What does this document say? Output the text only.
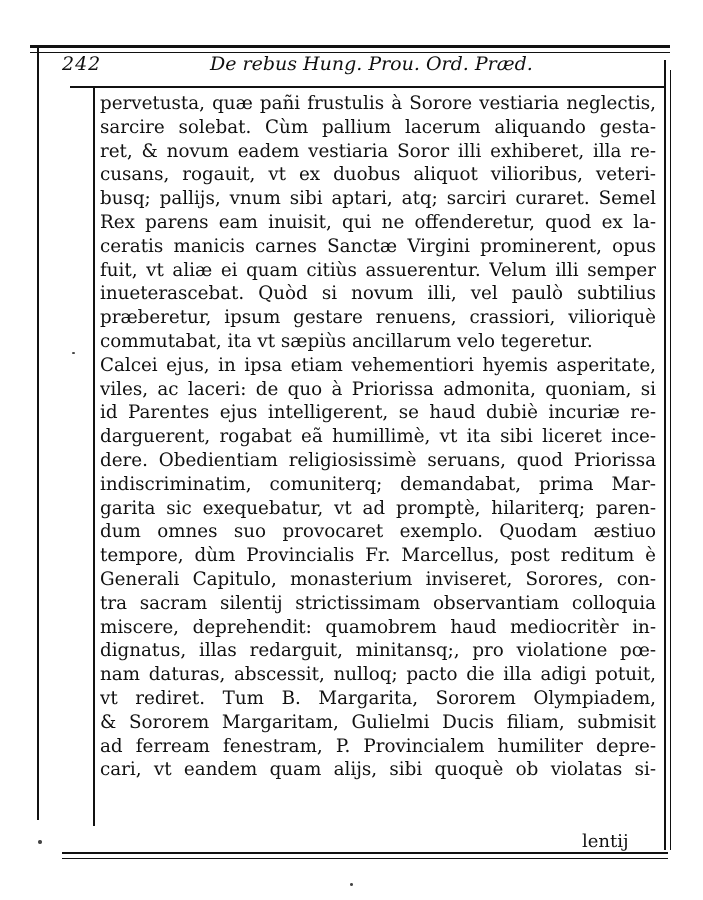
242	De rebus Hung. Prou. Ord. Præd.
pervetusta, quæ pañi frustulis à Sorore vestiaria neglectis,
sarcire solebat. Cùm pallium lacerum aliquando gesta-
ret, & novum eadem vestiaria Soror illi exhiberet, illa re-
cusans, rogauit, vt ex duobus aliquot vilioribus, veteri-
busq; pallijs, vnum sibi aptari, atq; sarciri curaret. Semel
Rex parens eam inuisit, qui ne offenderetur, quod ex la-
ceratis manicis carnes Sanctæ Virgini prominerent, opus
fuit, vt aliæ ei quam citiùs assuerentur. Velum illi semper
inueterascebat. Quòd si novum illi, vel paulò subtilius
præberetur, ipsum gestare renuens, crassiori, vilioriquè
commutabat, ita vt sæpiùs ancillarum velo tegeretur.
Calcei ejus, in ipsa etiam vehementiori hyemis asperitate,
viles, ac laceri: de quo à Priorissa admonita, quoniam, si
id Parentes ejus intelligerent, se haud dubiè incuriæ re-
darguerent, rogabat eã humillimè, vt ita sibi liceret ince-
dere. Obedientiam religiosissimè seruans, quod Priorissa
indiscriminatim, comuniterq; demandabat, prima Mar-
garita sic exequebatur, vt ad promptè, hilariterq; paren-
dum omnes suo provocaret exemplo. Quodam æstiuo
tempore, dùm Provincialis Fr. Marcellus, post reditum è
Generali Capitulo, monasterium inviseret, Sorores, con-
tra sacram silentij strictissimam observantiam colloquia
miscere, deprehendit: quamobrem haud mediocritèr in-
dignatus, illas redarguit, minitansq;, pro violatione pœ-
nam daturas, abscessit, nulloq; pacto die illa adigi potuit,
vt rediret. Tum B. Margarita, Sororem Olympiadem,
& Sororem Margaritam, Gulielmi Ducis filiam, submisit
ad ferream fenestram, P. Provincialem humiliter depre-
cari, vt eandem quam alijs, sibi quoquè ob violatas si-
lentij
